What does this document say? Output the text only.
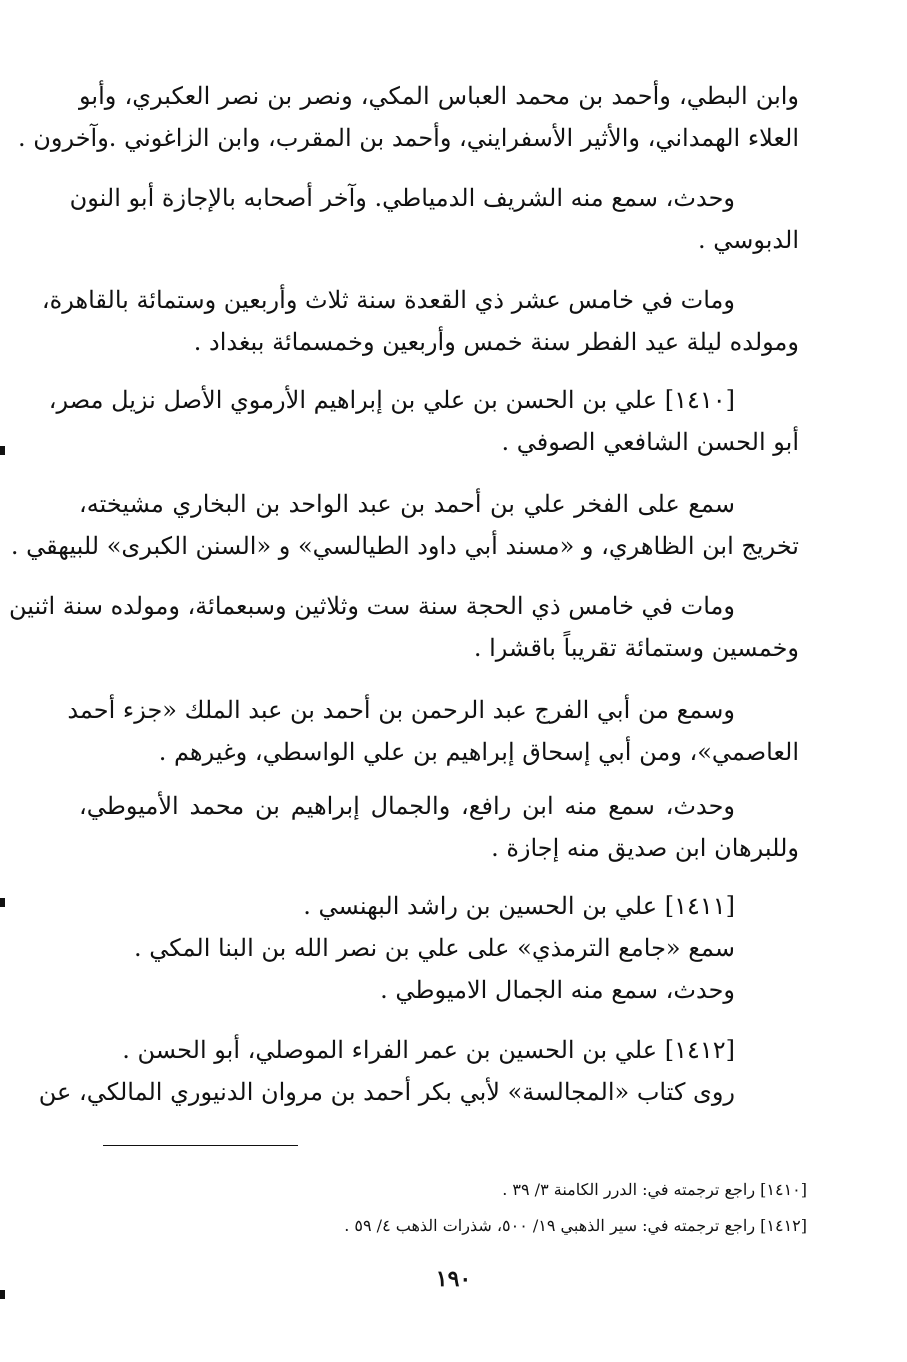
وابن البطي، وأحمد بن محمد العباس المكي، ونصر بن نصر العكبري، وأبو

العلاء الهمداني، والأثير الأسفرايني، وأحمد بن المقرب، وابن الزاغوني .وآخرون .

وحدث، سمع منه الشريف الدمياطي. وآخر أصحابه بالإجازة أبو النون

الدبوسي .

ومات في خامس عشر ذي القعدة سنة ثلاث وأربعين وستمائة بالقاهرة،

ومولده ليلة عيد الفطر سنة خمس وأربعين وخمسمائة ببغداد .

[١٤١٠] علي بن الحسن بن علي بن إبراهيم الأرموي الأصل نزيل مصر،

أبو الحسن الشافعي الصوفي .

سمع على الفخر علي بن أحمد بن عبد الواحد بن البخاري مشيخته،

تخريج ابن الظاهري، و «مسند أبي داود الطيالسي» و «السنن الكبرى» للبيهقي .

ومات في خامس ذي الحجة سنة ست وثلاثين وسبعمائة، ومولده سنة اثنين

وخمسين وستمائة تقريباً باقشرا .

وسمع من أبي الفرج عبد الرحمن بن أحمد بن عبد الملك «جزء أحمد

العاصمي»، ومن أبي إسحاق إبراهيم بن علي الواسطي، وغيرهم .

وحدث، سمع منه ابن رافع، والجمال إبراهيم بن محمد الأميوطي،

وللبرهان ابن صديق منه إجازة .

[١٤١١] علي بن الحسين بن راشد البهنسي .

سمع «جامع الترمذي» على علي بن نصر الله بن البنا المكي .

وحدث، سمع منه الجمال الاميوطي .

[١٤١٢] علي بن الحسين بن عمر الفراء الموصلي، أبو الحسن .

روى كتاب «المجالسة» لأبي بكر أحمد بن مروان الدنيوري المالكي، عن

[١٤١٠] راجع ترجمته في: الدرر الكامنة ٣/ ٣٩ .

[١٤١٢] راجع ترجمته في: سير الذهبي ١٩/ ٥٠٠، شذرات الذهب ٤/ ٥٩ .

١٩٠
